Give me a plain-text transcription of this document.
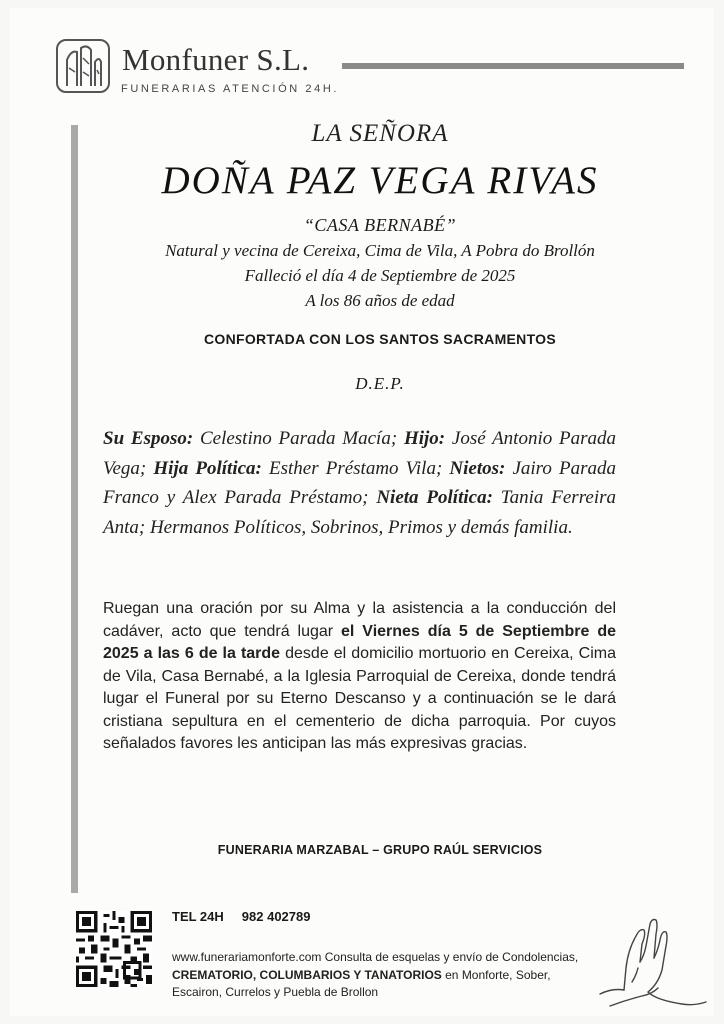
Monfuner S.L.
FUNERARIAS ATENCIÓN 24H.
LA SEÑORA
DOÑA PAZ VEGA RIVAS
“CASA BERNABÉ”
Natural y vecina de Cereixa, Cima de Vila, A Pobra do Brollón
Falleció el día 4 de Septiembre de 2025
A los 86 años de edad
CONFORTADA CON LOS SANTOS SACRAMENTOS
D.E.P.
Su Esposo: Celestino Parada Macía; Hijo: José Antonio Parada Vega; Hija Política: Esther Préstamo Vila; Nietos: Jairo Parada Franco y Alex Parada Préstamo; Nieta Política: Tania Ferreira Anta; Hermanos Políticos, Sobrinos, Primos y demás familia.
Ruegan una oración por su Alma y la asistencia a la conducción del cadáver, acto que tendrá lugar el Viernes día 5 de Septiembre de 2025 a las 6 de la tarde desde el domicilio mortuorio en Cereixa, Cima de Vila, Casa Bernabé, a la Iglesia Parroquial de Cereixa, donde tendrá lugar el Funeral por su Eterno Descanso y a continuación se le dará cristiana sepultura en el cementerio de dicha parroquia. Por cuyos señalados favores les anticipan las más expresivas gracias.
FUNERARIA MARZABAL – GRUPO RAÚL SERVICIOS
TEL 24H 982 402789
www.funerariamonforte.com Consulta de esquelas y envío de Condolencias, CREMATORIO, COLUMBARIOS Y TANATORIOS en Monforte, Sober, Escairon, Currelos y Puebla de Brollon
